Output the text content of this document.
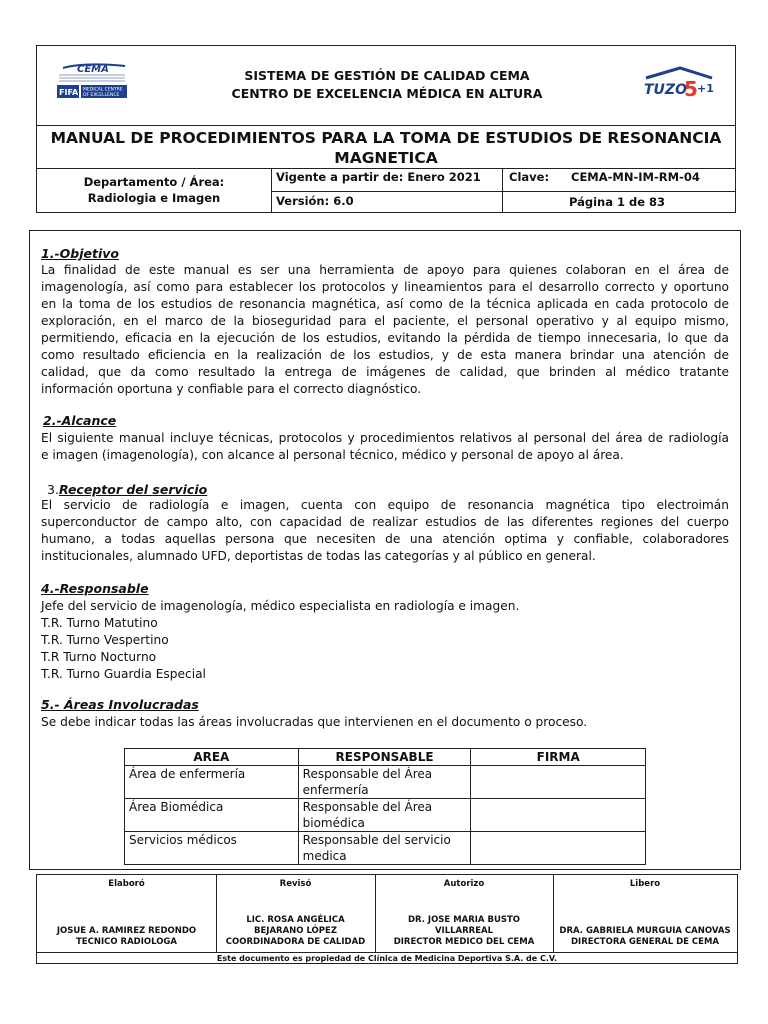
SISTEMA DE GESTIÓN DE CALIDAD CEMA
CENTRO DE EXCELENCIA MÉDICA EN ALTURA
MANUAL DE PROCEDIMIENTOS PARA LA TOMA DE ESTUDIOS DE RESONANCIA
MAGNETICA
Departamento / Área:
Radiologia e Imagen
Vigente a partir de: Enero 2021 Clave: CEMA-MN-IM-RM-04
Versión: 6.0	Página 1 de 83
CEMA
FIFA MEDICAL CENTRE
OF EXCELLENCE	TUZO
5 +1
1.-Objetivo
La finalidad de este manual es ser una herramienta de apoyo para quienes colaboran en el área de
imagenología, así como para establecer los protocolos y lineamientos para el desarrollo correcto y oportuno
en la toma de los estudios de resonancia magnética, así como de la técnica aplicada en cada protocolo de
exploración, en el marco de la bioseguridad para el paciente, el personal operativo y al equipo mismo,
permitiendo, eficacia en la ejecución de los estudios, evitando la pérdida de tiempo innecesaria, lo que da
como resultado eficiencia en la realización de los estudios, y de esta manera brindar una atención de
calidad, que da como resultado la entrega de imágenes de calidad, que brinden al médico tratante
información oportuna y confiable para el correcto diagnóstico.
2.-Alcance
El siguiente manual incluye técnicas, protocolos y procedimientos relativos al personal del área de radiología
e imagen (imagenología), con alcance al personal técnico, médico y personal de apoyo al área.
3.Receptor del servicio
El servicio de radiología e imagen, cuenta con equipo de resonancia magnética tipo electroimán
superconductor de campo alto, con capacidad de realizar estudios de las diferentes regiones del cuerpo
humano, a todas aquellas persona que necesiten de una atención optima y confiable, colaboradores
institucionales, alumnado UFD, deportistas de todas las categorías y al público en general.
4.-Responsable
Jefe del servicio de imagenología, médico especialista en radiología e imagen.
T.R. Turno Matutino
T.R. Turno Vespertino
T.R Turno Nocturno
T.R. Turno Guardia Especial
5.- Áreas Involucradas
Se debe indicar todas las áreas involucradas que intervienen en el documento o proceso.
AREA	RESPONSABLE	FIRMA
Área de enfermería	Responsable del Área
enfermería	

Área Biomédica	Responsable del Área
biomédica	

Servicios médicos	Responsable del servicio
medica	

Elaboró
JOSUE A. RAMIREZ REDONDO
TECNICO RADIOLOGA
Revisó
LIC. ROSA ANGÉLICA
BEJARANO LÓPEZ
COORDINADORA DE CALIDAD
Autorizo
DR. JOSE MARIA BUSTO
VILLARREAL
DIRECTOR MEDICO DEL CEMA
Libero
DRA. GABRIELA MURGUIA CANOVAS
DIRECTORA GENERAL DE CEMA
Este documento es propiedad de Clínica de Medicina Deportiva S.A. de C.V.
